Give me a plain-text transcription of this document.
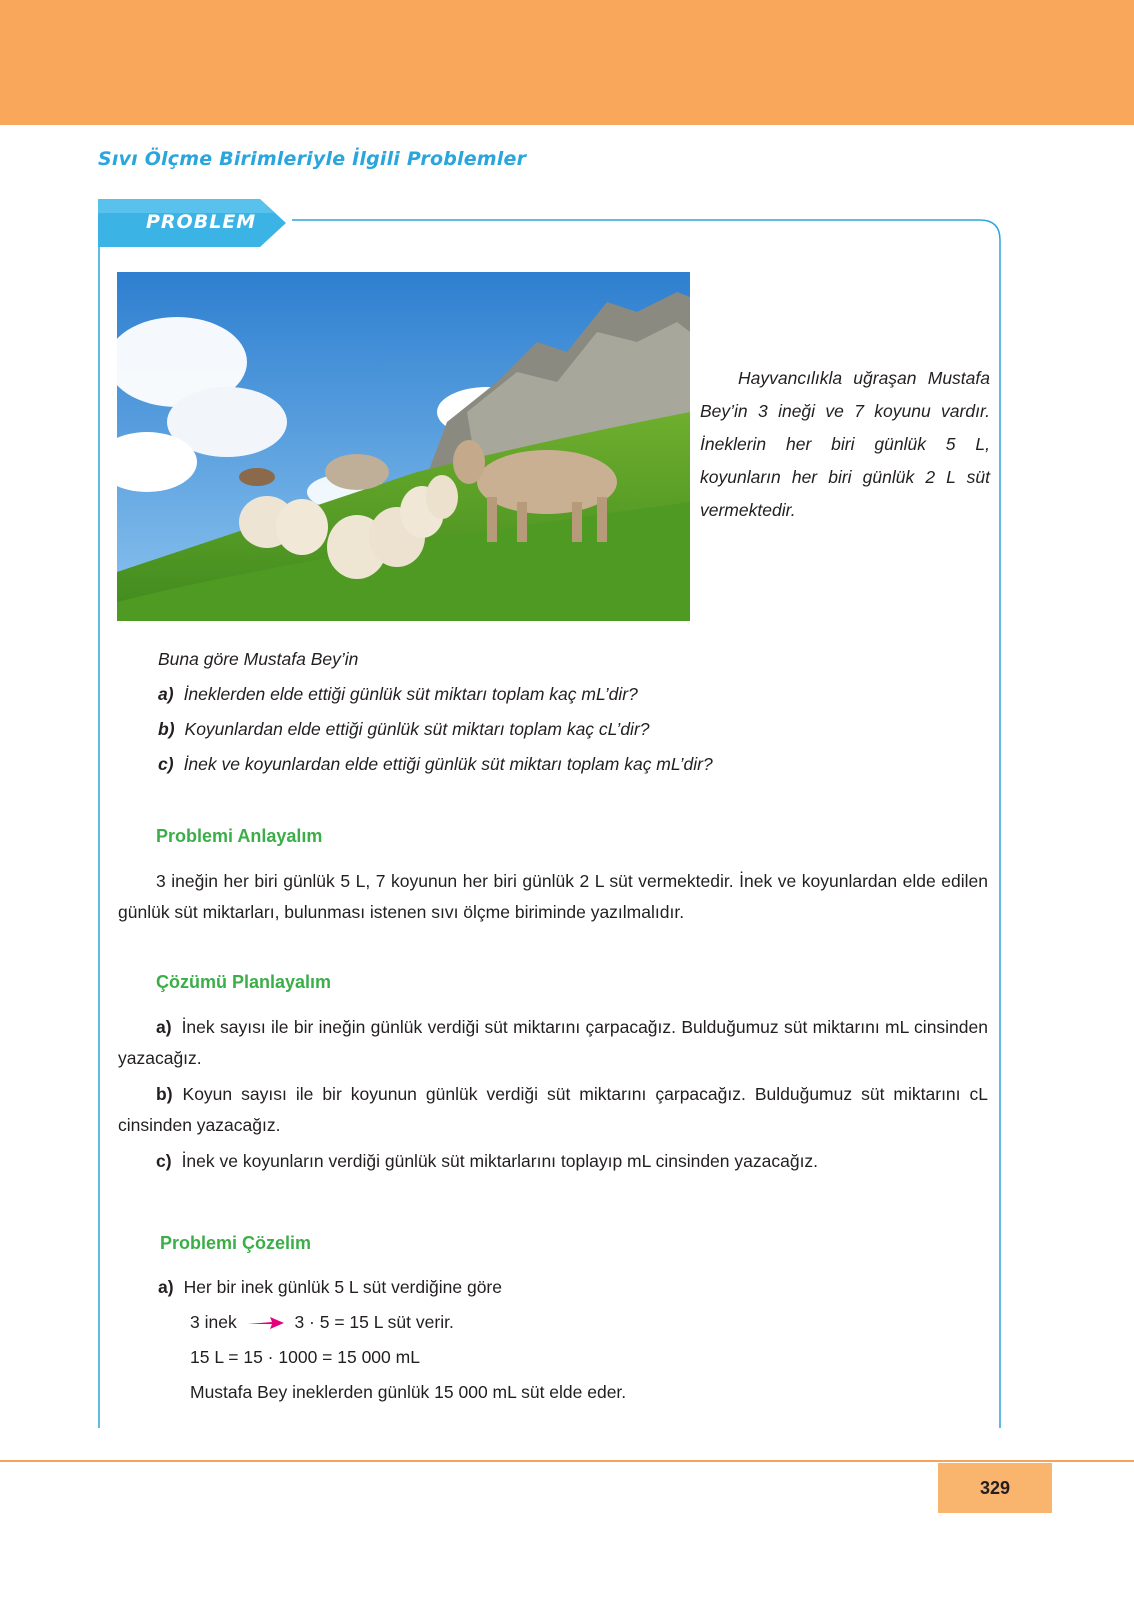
Sıvı Ölçme Birimleriyle İlgili Problemler
PROBLEM

Hayvancılıkla uğraşan Mustafa Bey’in 3 ineği ve 7 koyunu vardır. İneklerin her biri günlük 5 L, koyunların her biri günlük 2 L süt vermektedir.

Buna göre Mustafa Bey’in
a) İneklerden elde ettiği günlük süt miktarı toplam kaç mL’dir?
b) Koyunlardan elde ettiği günlük süt miktarı toplam kaç cL’dir?
c) İnek ve koyunlardan elde ettiği günlük süt miktarı toplam kaç mL’dir?
Problemi Anlayalım

3 ineğin her biri günlük 5 L, 7 koyunun her biri günlük 2 L süt vermektedir. İnek ve koyunlardan elde edilen günlük süt miktarları, bulunması istenen sıvı ölçme biriminde yazılmalıdır.

Çözümü Planlayalım

a) İnek sayısı ile bir ineğin günlük verdiği süt miktarını çarpacağız. Bulduğumuz süt miktarını mL cinsinden yazacağız.

b) Koyun sayısı ile bir koyunun günlük verdiği süt miktarını çarpacağız. Bulduğumuz süt miktarını cL cinsinden yazacağız.

c) İnek ve koyunların verdiği günlük süt miktarlarını toplayıp mL cinsinden yazacağız.

Problemi Çözelim
a) Her bir inek günlük 5 L süt verdiğine göre
3 inek	3 · 5 = 15 L süt verir.
15 L = 15 · 1000 = 15 000 mL
Mustafa Bey ineklerden günlük 15 000 mL süt elde eder.
329
